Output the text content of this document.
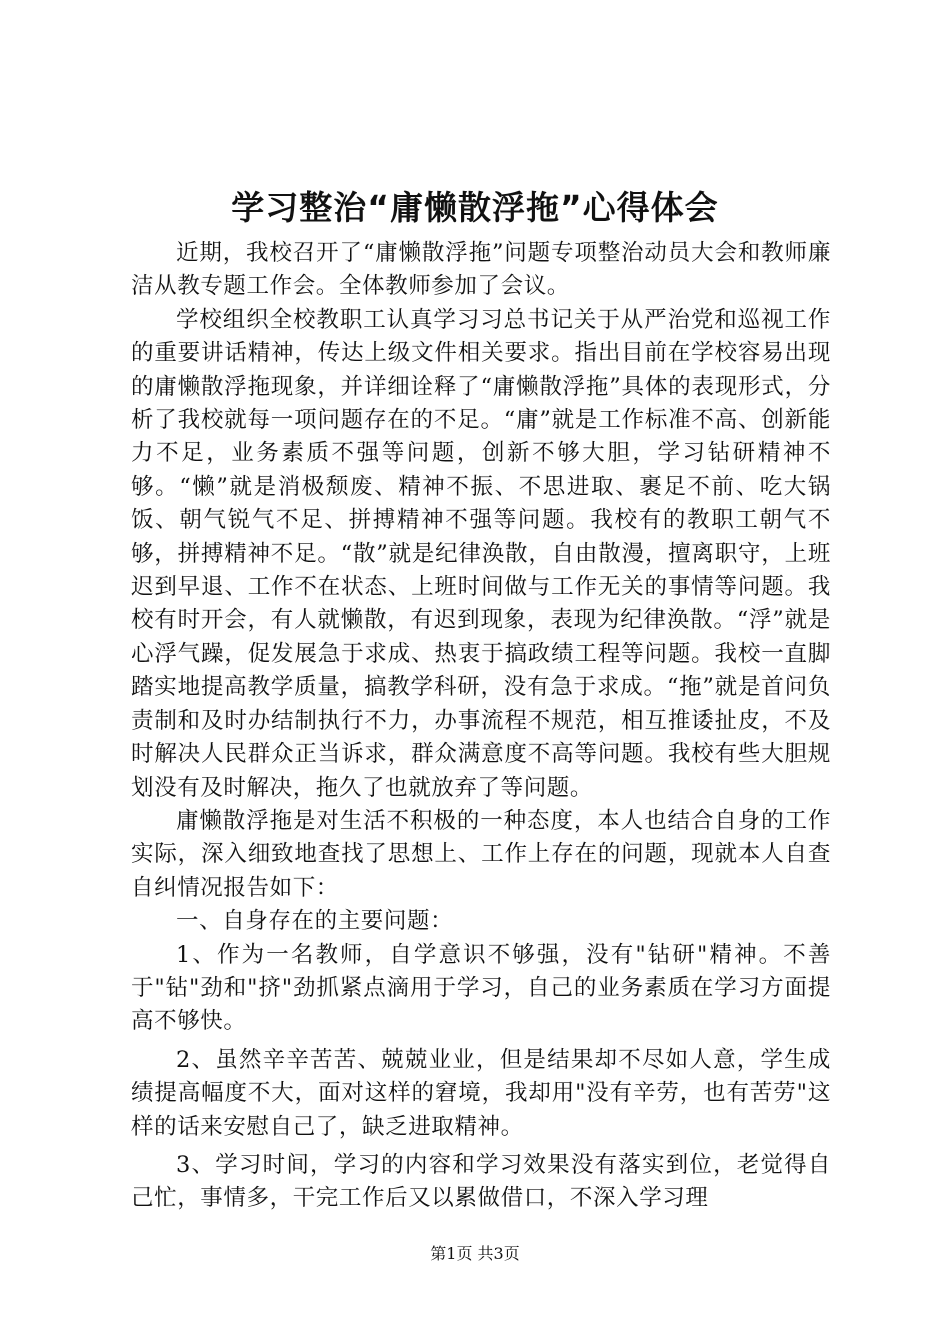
学习整治“庸懒散浮拖”心得体会

近期，我校召开了“庸懒散浮拖”问题专项整治动员大会和教师廉洁从教专题工作会。全体教师参加了会议。

学校组织全校教职工认真学习习总书记关于从严治党和巡视工作的重要讲话精神，传达上级文件相关要求。指出目前在学校容易出现的庸懒散浮拖现象，并详细诠释了“庸懒散浮拖”具体的表现形式，分析了我校就每一项问题存在的不足。“庸”就是工作标准不高、创新能力不足，业务素质不强等问题，创新不够大胆，学习钻研精神不够。“懒”就是消极颓废、精神不振、不思进取、裹足不前、吃大锅饭、朝气锐气不足、拼搏精神不强等问题。我校有的教职工朝气不够，拼搏精神不足。“散”就是纪律涣散，自由散漫，擅离职守，上班迟到早退、工作不在状态、上班时间做与工作无关的事情等问题。我校有时开会，有人就懒散，有迟到现象，表现为纪律涣散。“浮”就是心浮气躁，促发展急于求成、热衷于搞政绩工程等问题。我校一直脚踏实地提高教学质量，搞教学科研，没有急于求成。“拖”就是首问负责制和及时办结制执行不力，办事流程不规范，相互推诿扯皮，不及时解决人民群众正当诉求，群众满意度不高等问题。我校有些大胆规划没有及时解决，拖久了也就放弃了等问题。

庸懒散浮拖是对生活不积极的一种态度，本人也结合自身的工作实际，深入细致地查找了思想上、工作上存在的问题，现就本人自查自纠情况报告如下：

一、自身存在的主要问题：

1、作为一名教师，自学意识不够强，没有"钻研"精神。不善于"钻"劲和"挤"劲抓紧点滴用于学习，自己的业务素质在学习方面提高不够快。

2、虽然辛辛苦苦、兢兢业业，但是结果却不尽如人意，学生成绩提高幅度不大，面对这样的窘境，我却用"没有辛劳，也有苦劳"这样的话来安慰自己了，缺乏进取精神。

3、学习时间，学习的内容和学习效果没有落实到位，老觉得自己忙，事情多，干完工作后又以累做借口，不深入学习理

第1页 共3页
